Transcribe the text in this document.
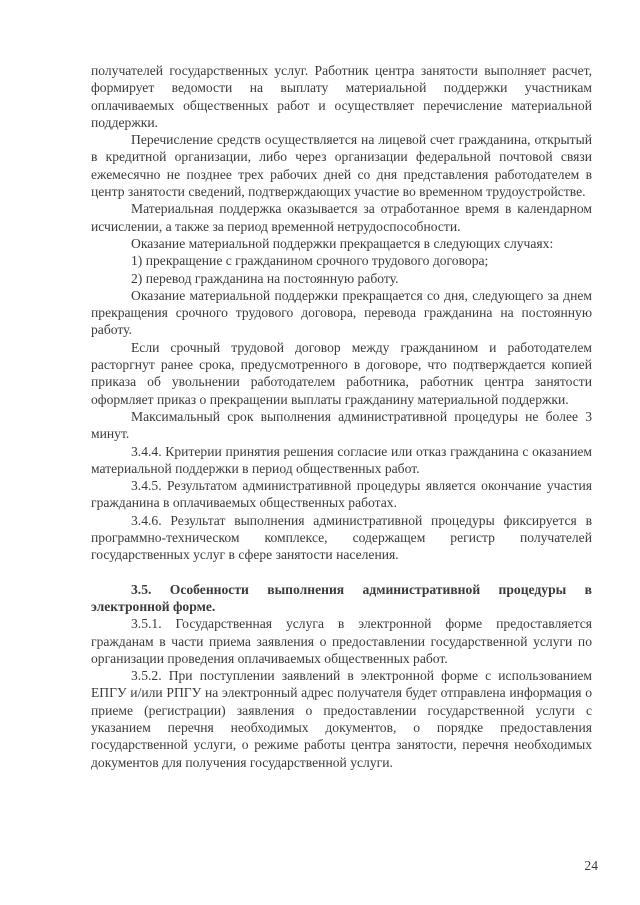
получателей государственных услуг. Работник центра занятости выполняет расчет, формирует ведомости на выплату материальной поддержки участникам оплачиваемых общественных работ и осуществляет перечисление материальной поддержки.

Перечисление средств осуществляется на лицевой счет гражданина, открытый в кредитной организации, либо через организации федеральной почтовой связи ежемесячно не позднее трех рабочих дней со дня представления работодателем в центр занятости сведений, подтверждающих участие во временном трудоустройстве.

Материальная поддержка оказывается за отработанное время в календарном исчислении, а также за период временной нетрудоспособности.

Оказание материальной поддержки прекращается в следующих случаях:

1) прекращение с гражданином срочного трудового договора;

2) перевод гражданина на постоянную работу.

Оказание материальной поддержки прекращается со дня, следующего за днем прекращения срочного трудового договора, перевода гражданина на постоянную работу.

Если срочный трудовой договор между гражданином и работодателем расторгнут ранее срока, предусмотренного в договоре, что подтверждается копией приказа об увольнении работодателем работника, работник центра занятости оформляет приказ о прекращении выплаты гражданину материальной поддержки.

Максимальный срок выполнения административной процедуры не более 3 минут.

3.4.4. Критерии принятия решения согласие или отказ гражданина с оказанием материальной поддержки в период общественных работ.

3.4.5. Результатом административной процедуры является окончание участия гражданина в оплачиваемых общественных работах.

3.4.6. Результат выполнения административной процедуры фиксируется в программно-техническом комплексе, содержащем регистр получателей государственных услуг в сфере занятости населения.

3.5. Особенности выполнения административной процедуры в электронной форме.

3.5.1. Государственная услуга в электронной форме предоставляется гражданам в части приема заявления о предоставлении государственной услуги по организации проведения оплачиваемых общественных работ.

3.5.2. При поступлении заявлений в электронной форме с использованием ЕПГУ и/или РПГУ на электронный адрес получателя будет отправлена информация о приеме (регистрации) заявления о предоставлении государственной услуги с указанием перечня необходимых документов, о порядке предоставления государственной услуги, о режиме работы центра занятости, перечня необходимых документов для получения государственной услуги.

24
